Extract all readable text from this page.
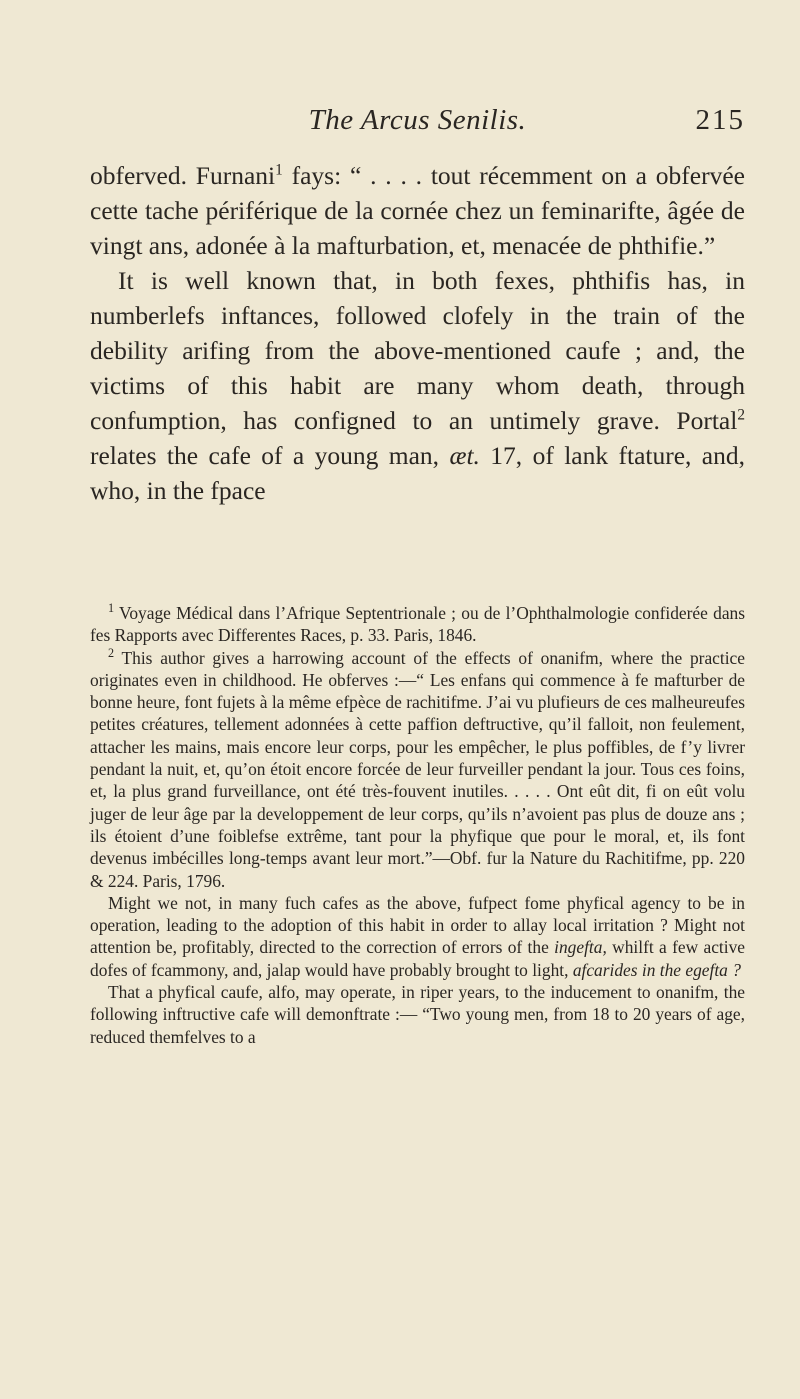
The Arcus Senilis.	215

obferved. Furnani$^1$ fays: “ . . . . tout récemment on a obfervée cette tache périférique de la cornée chez un feminarifte, âgée de vingt ans, adonée à la mafturbation, et, menacée de phthifie.”

It is well known that, in both fexes, phthifis has, in numberlefs inftances, followed clofely in the train of the debility arifing from the above-mentioned caufe ; and, the victims of this habit are many whom death, through confumption, has configned to an untimely grave. Portal$^2$ relates the cafe of a young man, æt. 17, of lank ftature, and, who, in the fpace

$^1$ Voyage Médical dans l’Afrique Septentrionale ; ou de l’Ophthalmologie confiderée dans fes Rapports avec Differentes Races, p. 33. Paris, 1846.

$^2$ This author gives a harrowing account of the effects of onanifm, where the practice originates even in childhood. He obferves :—“ Les enfans qui commence à fe mafturber de bonne heure, font fujets à la même efpèce de rachitifme. J’ai vu plufieurs de ces malheureufes petites créatures, tellement adonnées à cette paffion deftructive, qu’il falloit, non feulement, attacher les mains, mais encore leur corps, pour les empêcher, le plus poffibles, de f’y livrer pendant la nuit, et, qu’on étoit encore forcée de leur furveiller pendant la jour. Tous ces foins, et, la plus grand furveillance, ont été très-fouvent inutiles. . . . . Ont eût dit, fi on eût volu juger de leur âge par la developpement de leur corps, qu’ils n’avoient pas plus de douze ans ; ils étoient d’une foiblefse extrême, tant pour la phyfique que pour le moral, et, ils font devenus imbécilles long-temps avant leur mort.”—Obf. fur la Nature du Rachitifme, pp. 220 & 224. Paris, 1796.

Might we not, in many fuch cafes as the above, fufpect fome phyfical agency to be in operation, leading to the adoption of this habit in order to allay local irritation ? Might not attention be, profitably, directed to the correction of errors of the ingefta, whilft a few active dofes of fcammony, and, jalap would have probably brought to light, afcarides in the egefta ?

That a phyfical caufe, alfo, may operate, in riper years, to the inducement to onanifm, the following inftructive cafe will demonftrate :— “Two young men, from 18 to 20 years of age, reduced themfelves to a
